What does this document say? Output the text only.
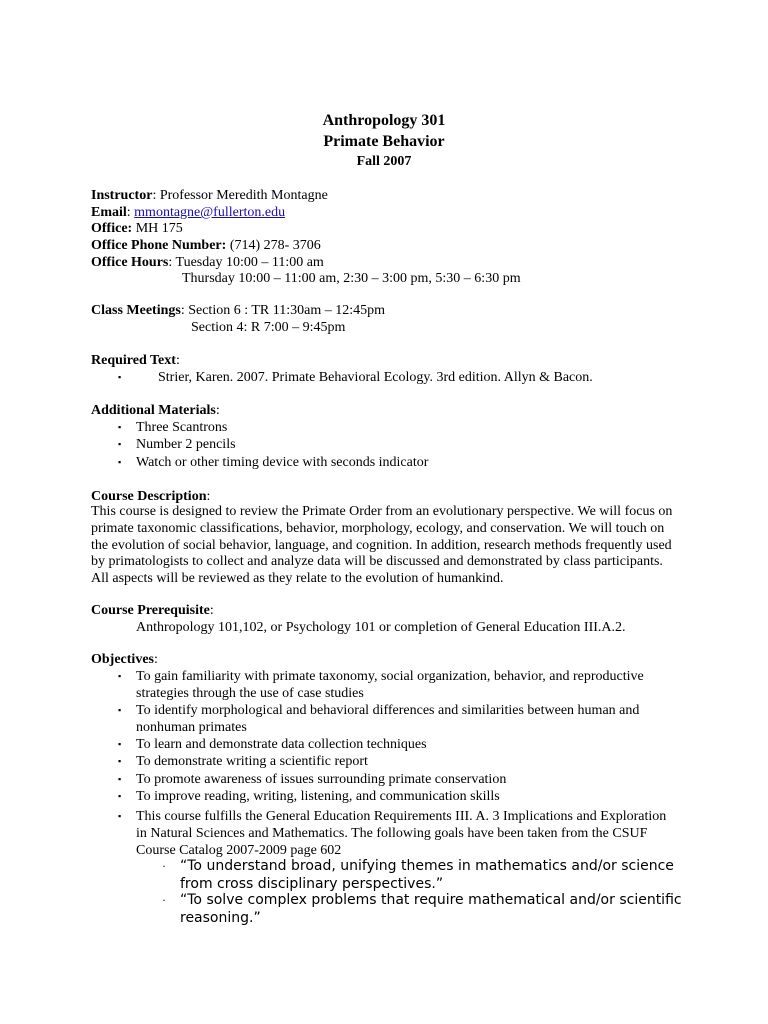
Anthropology 301
Primate Behavior
Fall 2007
Instructor: Professor Meredith Montagne
Email: mmontagne@fullerton.edu
Office: MH 175
Office Phone Number: (714) 278- 3706
Office Hours: Tuesday 10:00 – 11:00 am
Thursday 10:00 – 11:00 am, 2:30 – 3:00 pm, 5:30 – 6:30 pm
Class Meetings: Section 6 : TR 11:30am – 12:45pm
Section 4: R 7:00 – 9:45pm
Required Text:
▪	Strier, Karen. 2007. Primate Behavioral Ecology. 3rd edition. Allyn & Bacon.
Additional Materials:
▪ Three Scantrons
▪ Number 2 pencils
▪ Watch or other timing device with seconds indicator
Course Description:
This course is designed to review the Primate Order from an evolutionary perspective. We will focus on primate taxonomic classifications, behavior, morphology, ecology, and conservation. We will touch on the evolution of social behavior, language, and cognition. In addition, research methods frequently used by primatologists to collect and analyze data will be discussed and demonstrated by class participants. All aspects will be reviewed as they relate to the evolution of humankind.
Course Prerequisite:
Anthropology 101,102, or Psychology 101 or completion of General Education III.A.2.
Objectives:
▪ To gain familiarity with primate taxonomy, social organization, behavior, and reproductive strategies through the use of case studies
▪ To identify morphological and behavioral differences and similarities between human and nonhuman primates
▪ To learn and demonstrate data collection techniques
▪ To demonstrate writing a scientific report
▪ To promote awareness of issues surrounding primate conservation
▪ To improve reading, writing, listening, and communication skills
▪ This course fulfills the General Education Requirements III. A. 3 Implications and Exploration in Natural Sciences and Mathematics. The following goals have been taken from the CSUF Course Catalog 2007-2009 page 602
· “To understand broad, unifying themes in mathematics and/or science from cross disciplinary perspectives.”
· “To solve complex problems that require mathematical and/or scientific reasoning.”
